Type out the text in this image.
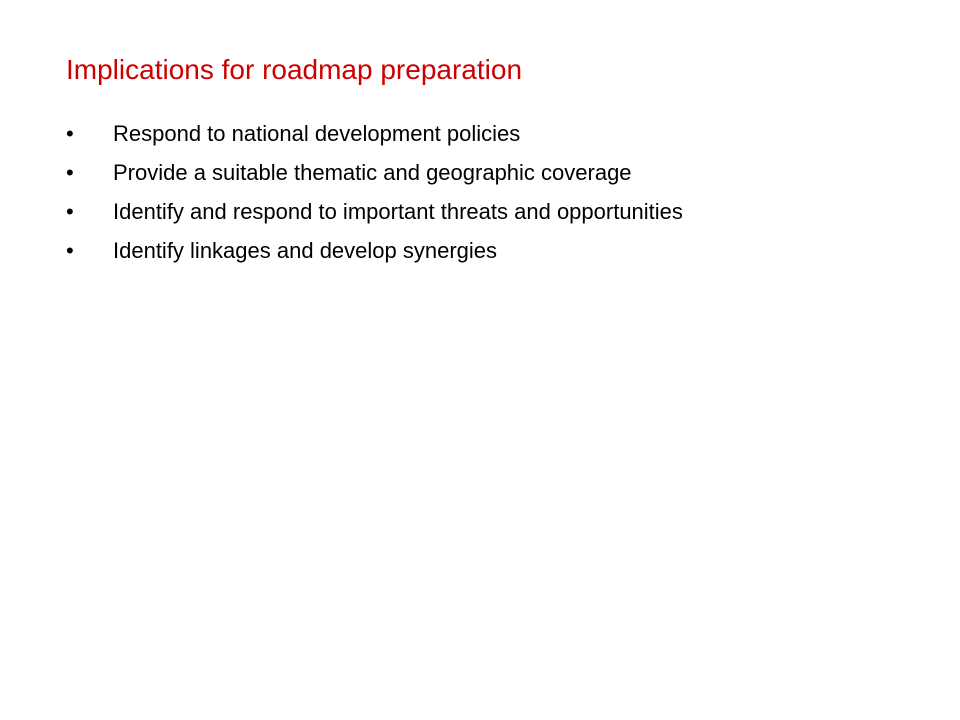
Implications for roadmap preparation
•	Respond to national development policies
•	Provide a suitable thematic and geographic coverage
•	Identify and respond to important threats and opportunities
•	Identify linkages and develop synergies
